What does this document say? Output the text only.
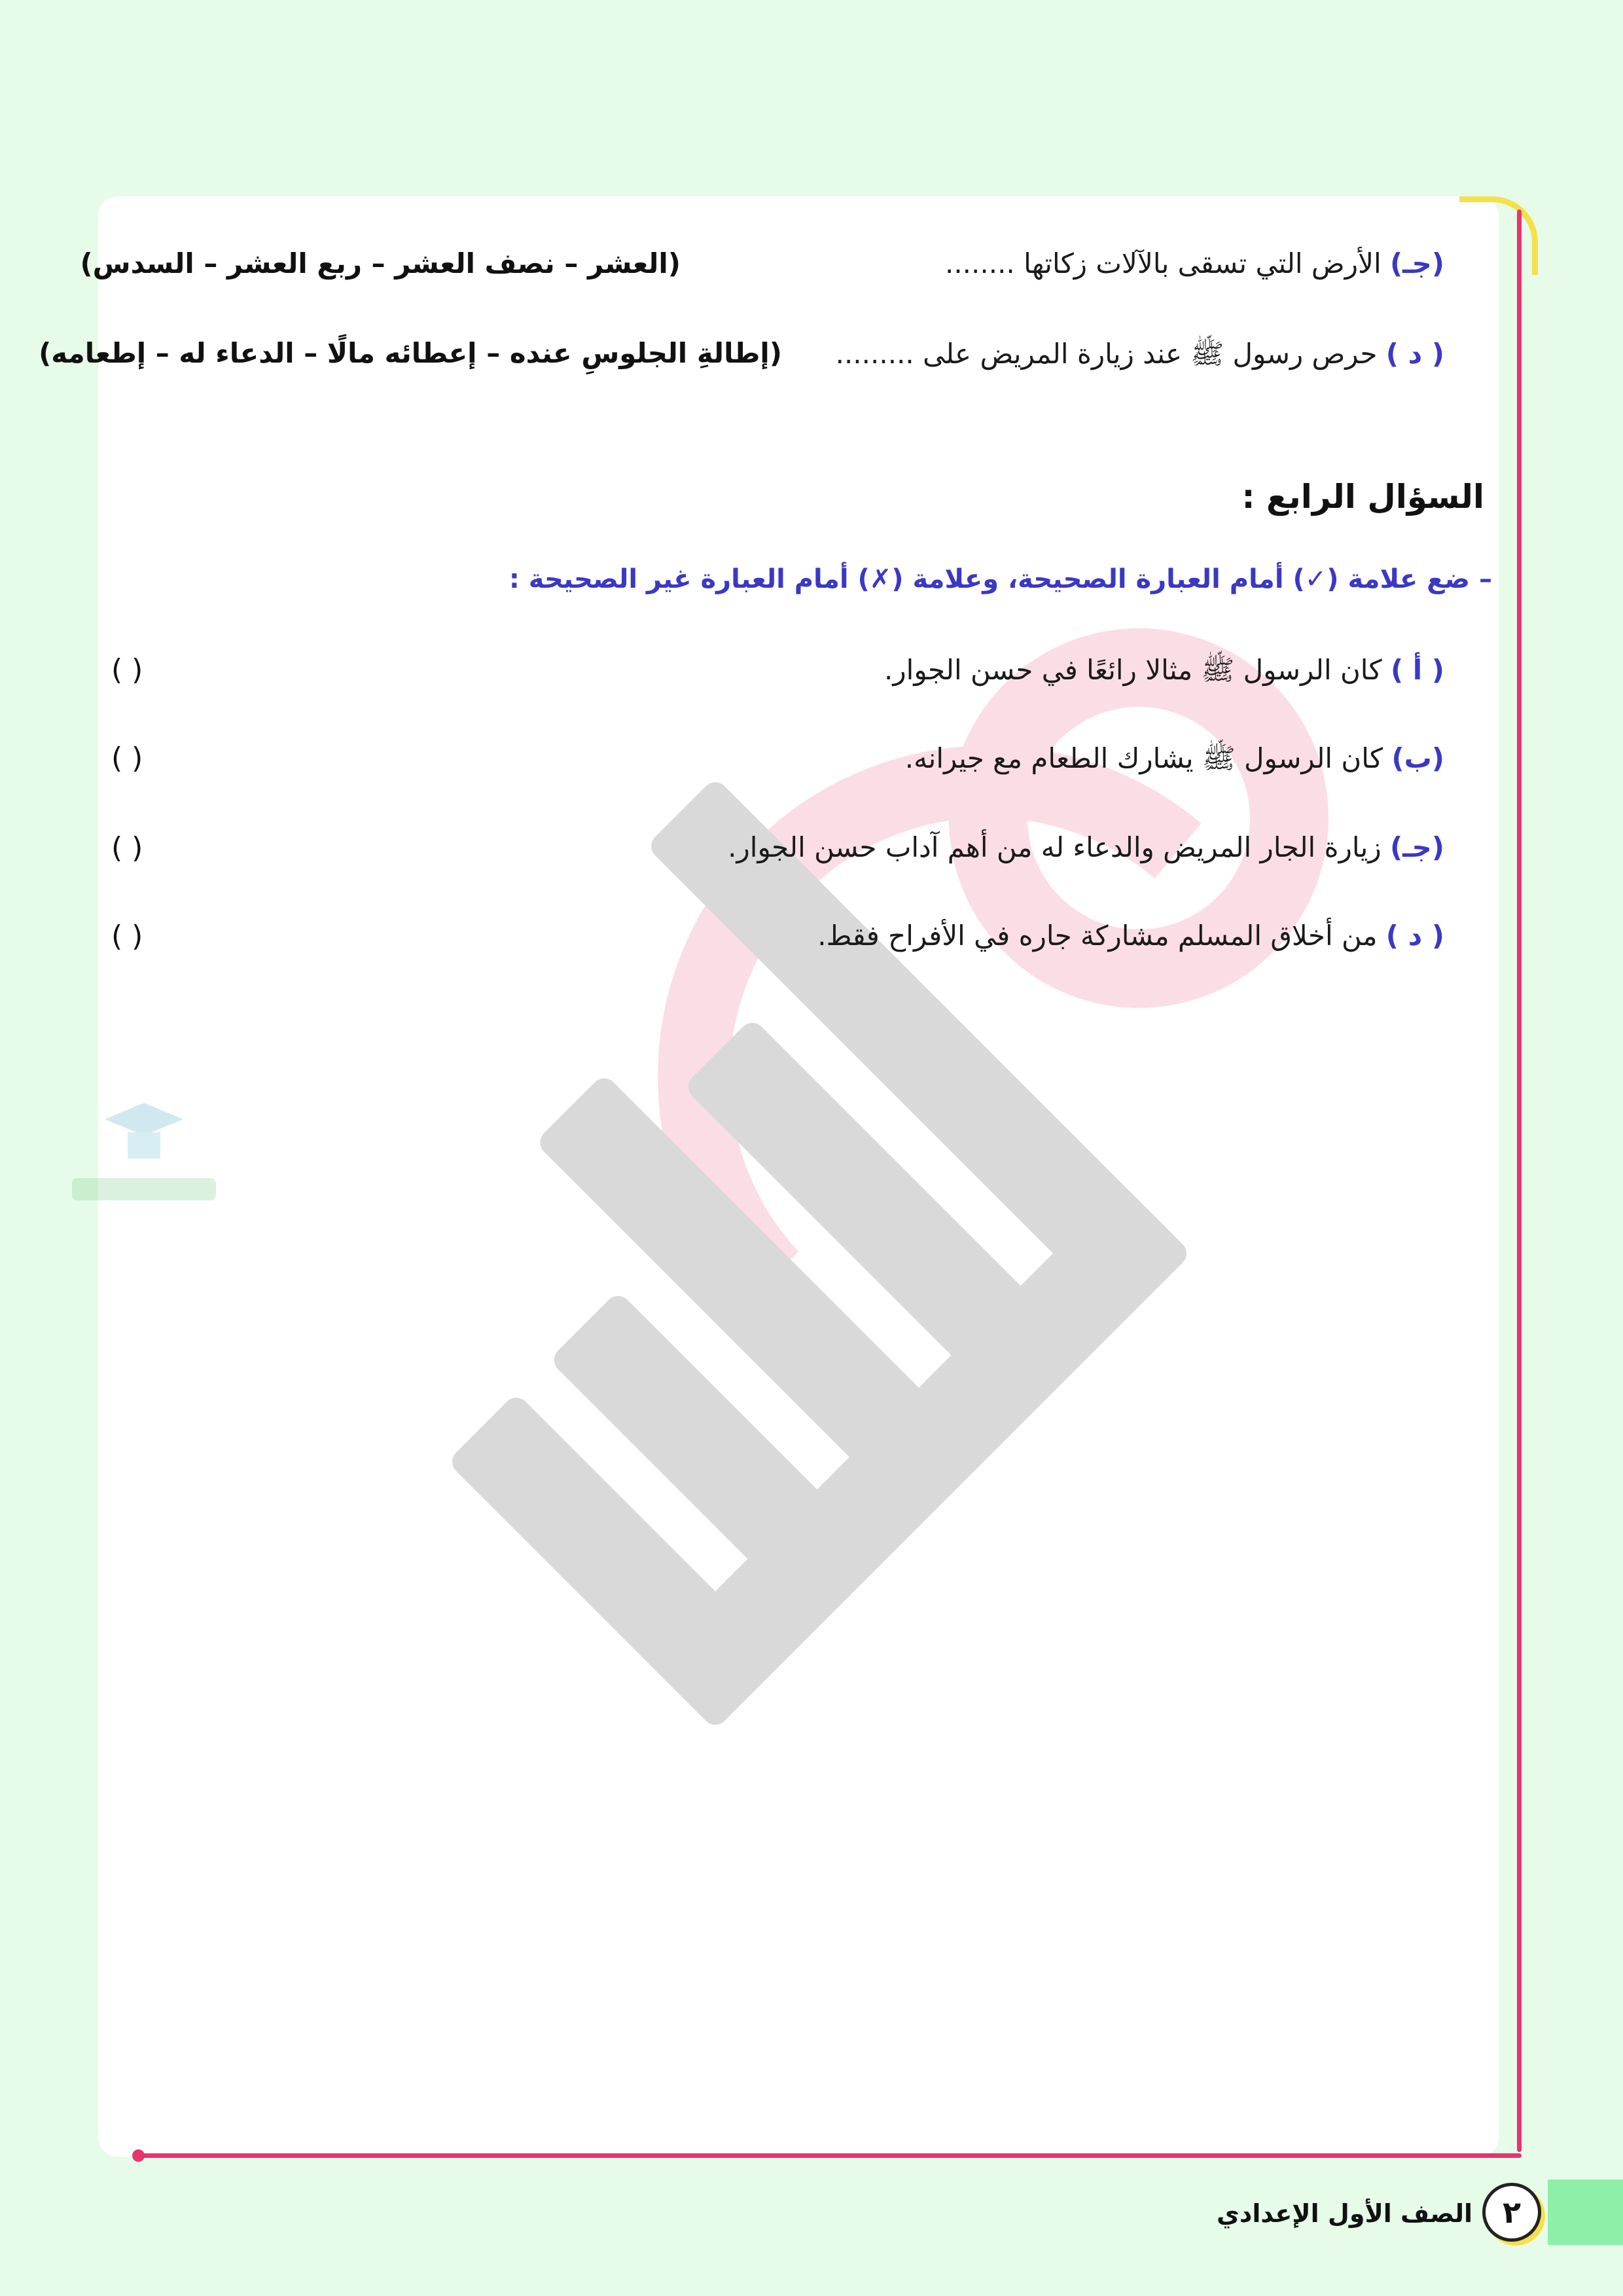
(جـ) الأرض التي تسقى بالآلات زكاتها ........
(العشر – نصف العشر – ربع العشر – السدس)
( د ) حرص رسول ﷺ عند زيارة المريض على .........
(إطالةِ الجلوسِ عنده – إعطائه مالًا – الدعاء له – إطعامه)
السؤال الرابع :
– ضع علامة (✓) أمام العبارة الصحيحة، وعلامة (✗) أمام العبارة غير الصحيحة :
( أ ) كان الرسول ﷺ مثالا رائعًا في حسن الجوار.
( )
(ب) كان الرسول ﷺ يشارك الطعام مع جيرانه.
( )
(جـ) زيارة الجار المريض والدعاء له من أهم آداب حسن الجوار.
( )
( د ) من أخلاق المسلم مشاركة جاره في الأفراح فقط.
( )
٢
الصف الأول الإعدادي
